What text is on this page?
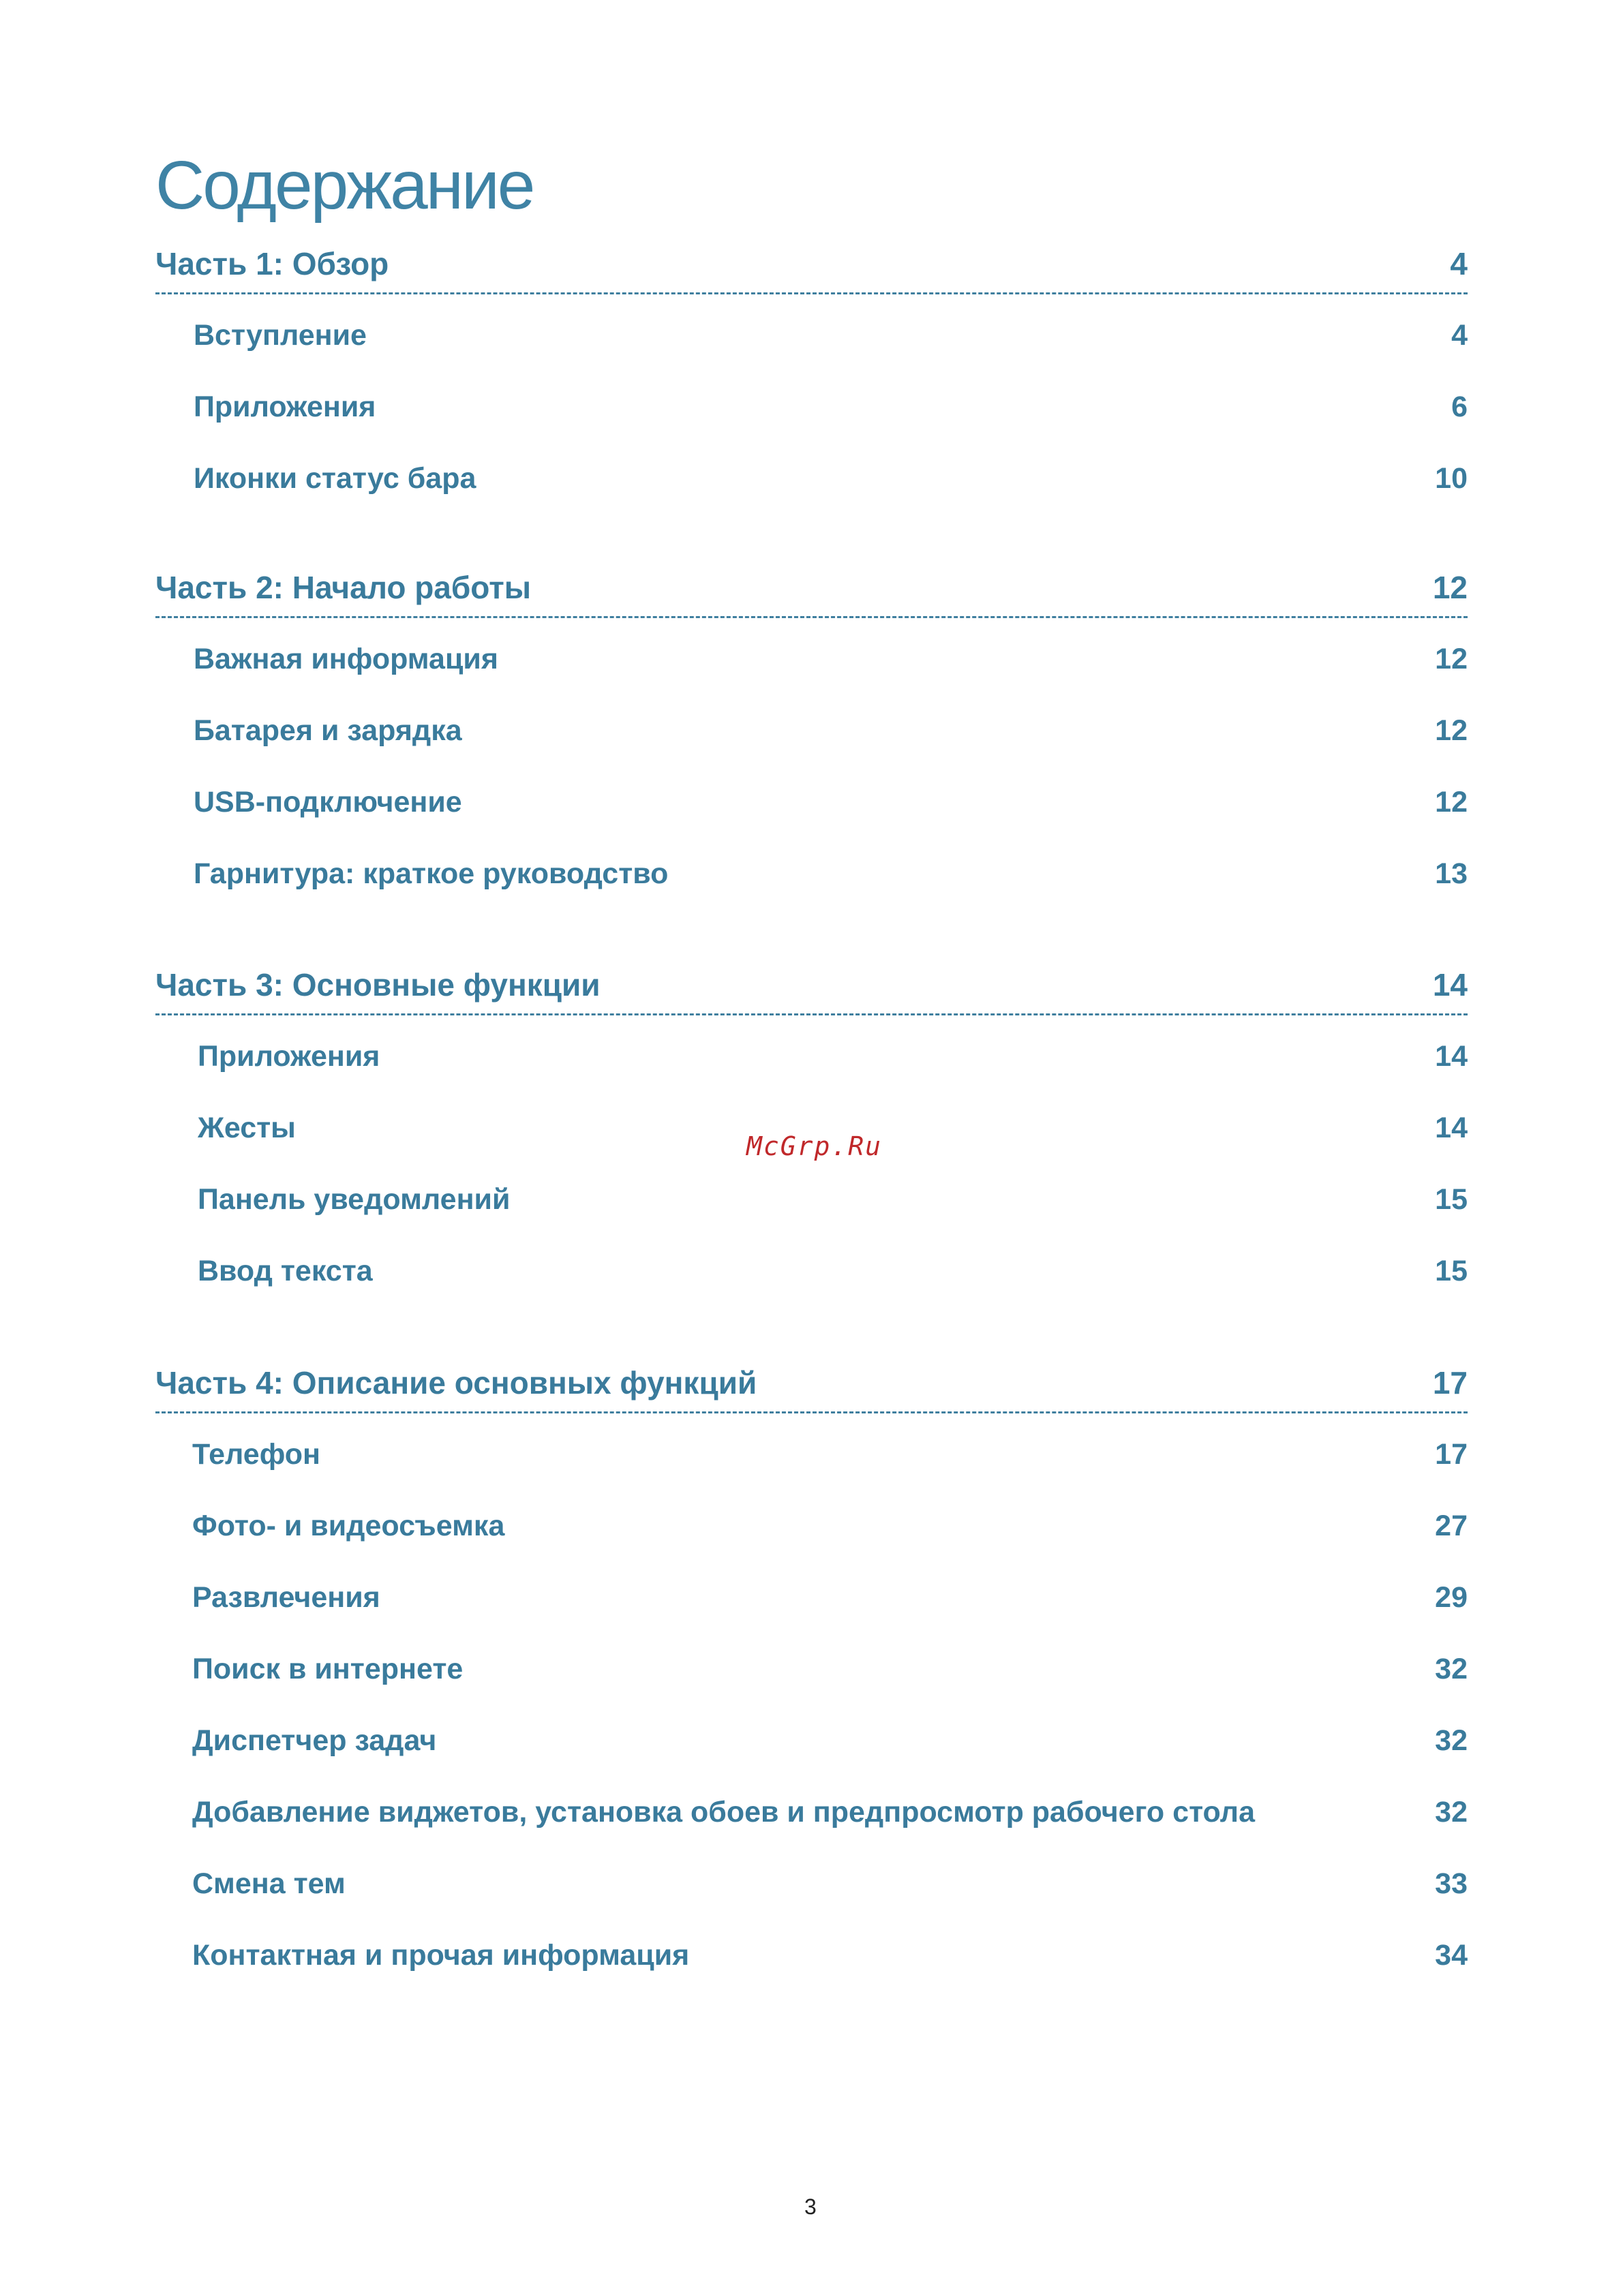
Содержание
Часть 1: Обзор	4
Вступление	4
Приложения	6
Иконки статус бара	10
Часть 2: Начало работы	12
Важная информация	12
Батарея и зарядка	12
USB-подключение	12
Гарнитура: краткое руководство	13
Часть 3: Основные функции	14
Приложения	14
Жесты	14
Панель уведомлений	15
Ввод текста	15
Часть 4: Описание основных функций	17
Телефон	17
Фото- и видеосъемка	27
Развлечения	29
Поиск в интернете	32
Диспетчер задач	32
Добавление виджетов, установка обоев и предпросмотр рабочего стола	32
Смена тем	33
Контактная и прочая информация	34
McGrp.Ru
3
